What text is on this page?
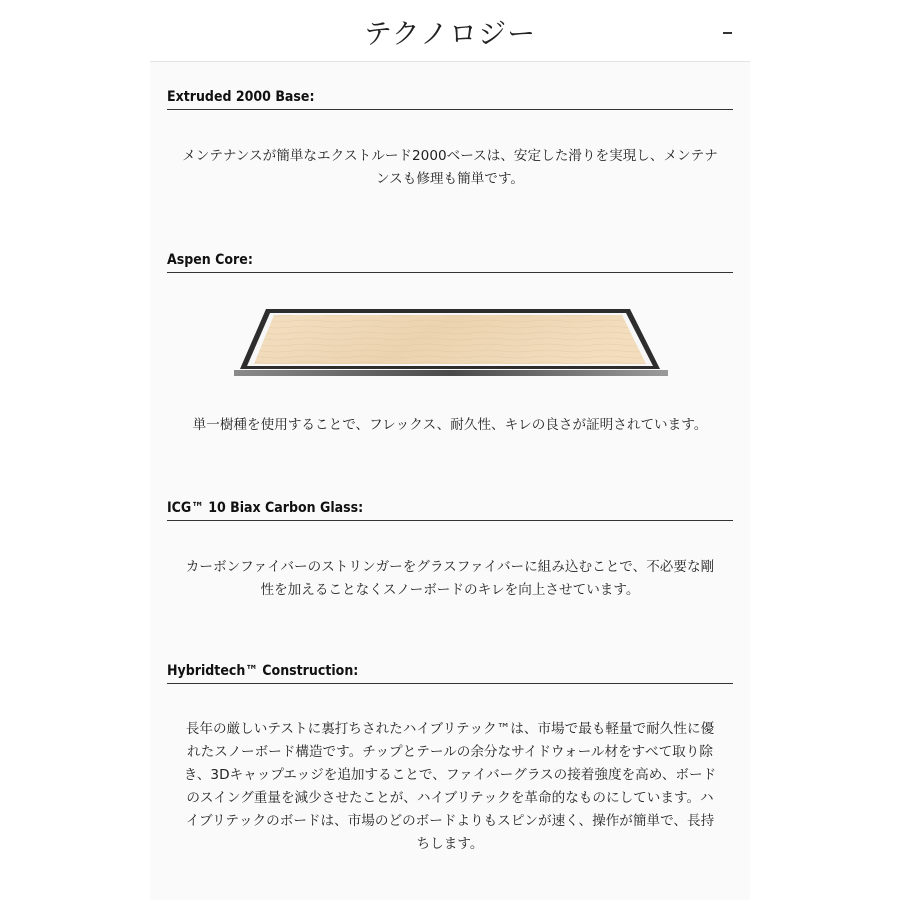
テクノロジー
Extruded 2000 Base:
メンテナンスが簡単なエクストルード2000ベースは、安定した滑りを実現し、メンテナ
ンスも修理も簡単です。
Aspen Core:
単一樹種を使用することで、フレックス、耐久性、キレの良さが証明されています。
ICG™ 10 Biax Carbon Glass:
カーボンファイバーのストリンガーをグラスファイバーに組み込むことで、不必要な剛
性を加えることなくスノーボードのキレを向上させています。
Hybridtech™ Construction:
長年の厳しいテストに裏打ちされたハイブリテック™は、市場で最も軽量で耐久性に優
れたスノーボード構造です。チップとテールの余分なサイドウォール材をすべて取り除
き、3Dキャップエッジを追加することで、ファイバーグラスの接着強度を高め、ボード
のスイング重量を減少させたことが、ハイブリテックを革命的なものにしています。ハ
イブリテックのボードは、市場のどのボードよりもスピンが速く、操作が簡単で、長持
ちします。
